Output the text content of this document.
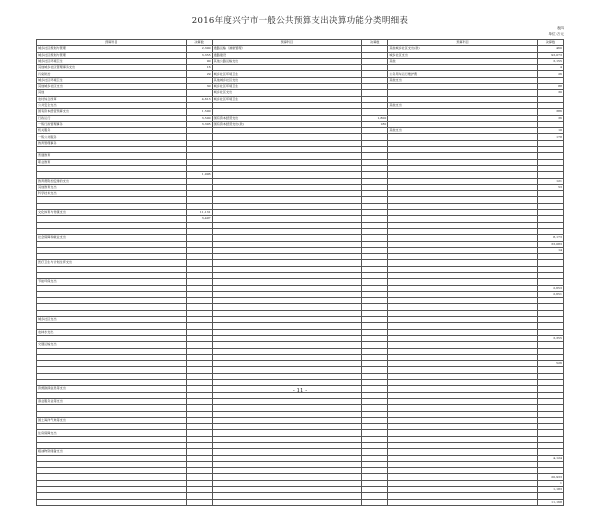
2016年度兴宁市一般公共预算支出决算功能分类明细表
表四
单位:万元
预算科目	决算数	预算科目	决算数	预算科目	决算数
城乡社区规划与管理	2,300	道路运输（港航管理）		其他城乡社区支出(款)	460
城乡社区规划与管理	3,355	道路建设		城乡社区支出	93,073
城乡社区环境卫生	90	其他公路运输支出		其他	3,155
其他城乡社区管理事务支出	16				4
污染防治	29	城乡社区环境卫生		公务用车运行维护费	26
城乡社区环境卫生		其他城乡社区支出		其他支出	
其他城乡社区支出	30	城乡社区环境卫生			88
其他		城乡社区支出			30
农村综合改革	4,613	城乡社区环境卫生			
公共安全支出				其他支出	
国有资本经营预算支出	1,500				386
行政运行	3,500	国有资本经营支出	1,800		36
一般行政管理事务	3,395	国有资本经营支出(款)	180		
机关服务				其他支出	10
一般公共服务					178
教育管理事务					

普通教育					
职业教育					

	1,996				
教育费附加安排的支出					121
其他教育支出					53
科学技术支出					

文化体育与传媒支出	11,131				
	3,497				

社会保障和就业支出					8,173
					33,083
					14

医疗卫生与计划生育支出					

节能环保支出					
					2,653
					2,651

城乡社区支出					

农林水支出					
					3,355
交通运输支出					

					526

资源勘探信息等支出					

商业服务业等支出					

国土海洋气象等支出					

住房保障支出					

粮油物资储备支出					
					4,124

					20,933
					1
					1,183

					11,168
- 11 -
